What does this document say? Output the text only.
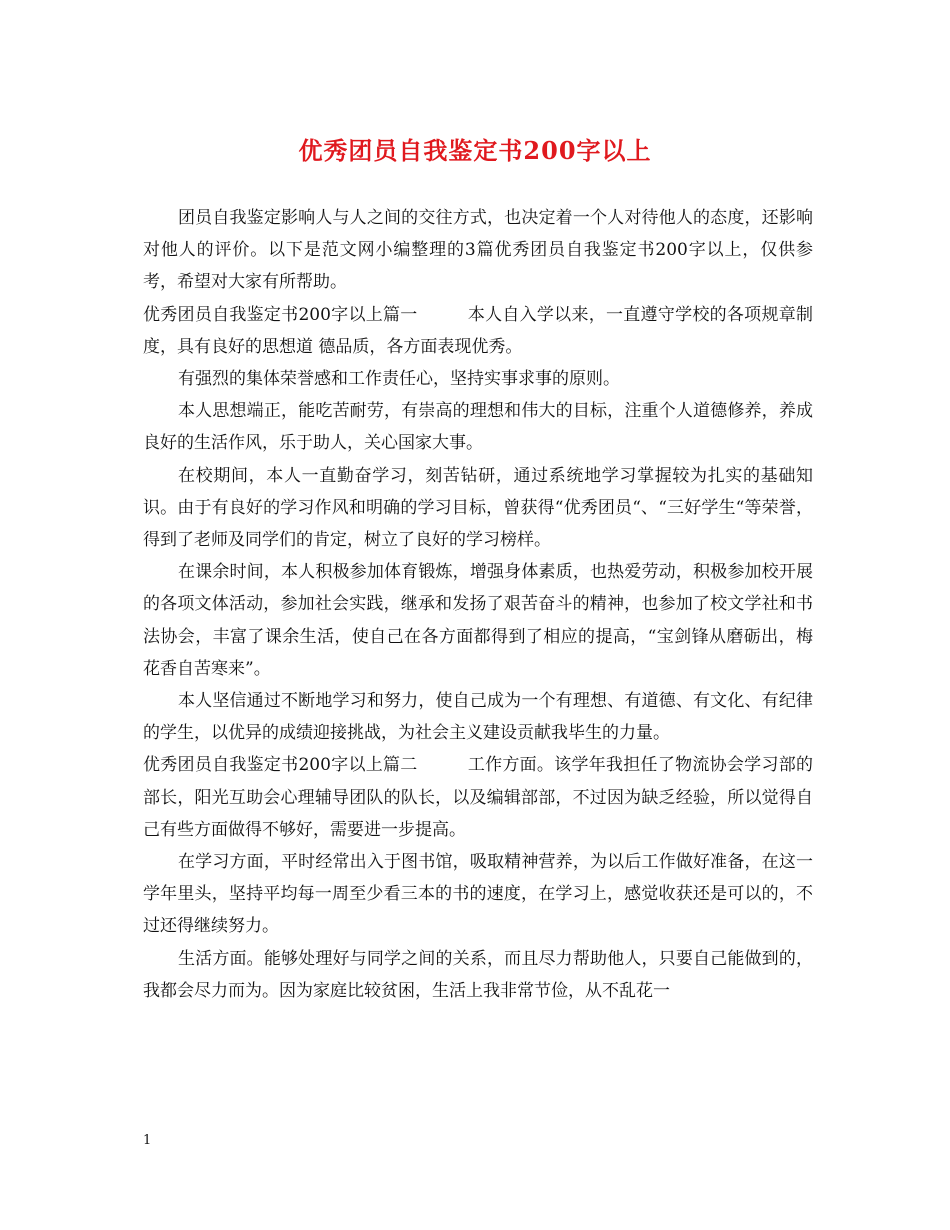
优秀团员自我鉴定书200字以上

团员自我鉴定影响人与人之间的交往方式，也决定着一个人对待他人的态度，还影响对他人的评价。以下是范文网小编整理的3篇优秀团员自我鉴定书200字以上，仅供参考，希望对大家有所帮助。

优秀团员自我鉴定书200字以上篇一	本人自入学以来，一直遵守学校的各项规章制度，具有良好的思想道 德品质，各方面表现优秀。

有强烈的集体荣誉感和工作责任心，坚持实事求事的原则。

本人思想端正，能吃苦耐劳，有崇高的理想和伟大的目标，注重个人道德修养，养成良好的生活作风，乐于助人，关心国家大事。

在校期间，本人一直勤奋学习，刻苦钻研，通过系统地学习掌握较为扎实的基础知识。由于有良好的学习作风和明确的学习目标，曾获得“优秀团员“、“三好学生“等荣誉，得到了老师及同学们的肯定，树立了良好的学习榜样。

在课余时间，本人积极参加体育锻炼，增强身体素质，也热爱劳动，积极参加校开展的各项文体活动，参加社会实践，继承和发扬了艰苦奋斗的精神，也参加了校文学社和书法协会，丰富了课余生活，使自己在各方面都得到了相应的提高，“宝剑锋从磨砺出，梅花香自苦寒来”。

本人坚信通过不断地学习和努力，使自己成为一个有理想、有道德、有文化、有纪律的学生，以优异的成绩迎接挑战，为社会主义建设贡献我毕生的力量。

优秀团员自我鉴定书200字以上篇二	工作方面。该学年我担任了物流协会学习部的部长，阳光互助会心理辅导团队的队长，以及编辑部部，不过因为缺乏经验，所以觉得自己有些方面做得不够好，需要进一步提高。

在学习方面，平时经常出入于图书馆，吸取精神营养，为以后工作做好准备，在这一学年里头，坚持平均每一周至少看三本的书的速度，在学习上，感觉收获还是可以的，不过还得继续努力。

生活方面。能够处理好与同学之间的关系，而且尽力帮助他人，只要自己能做到的，我都会尽力而为。因为家庭比较贫困，生活上我非常节俭，从不乱花一

1
